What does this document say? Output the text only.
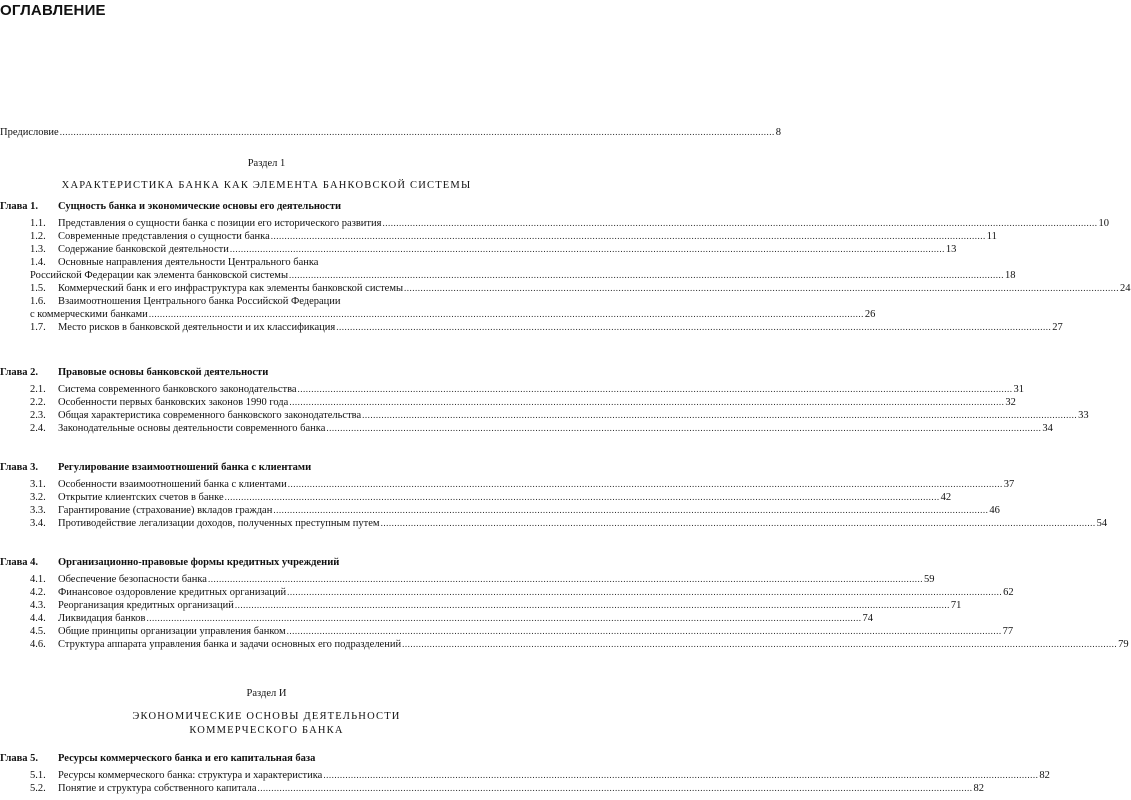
ОГЛАВЛЕНИЕ
Предисловие .....	8
Раздел 1
ХАРАКТЕРИСТИКА БАНКА КАК ЭЛЕМЕНТА БАНКОВСКОЙ СИСТЕМЫ
Глава 1. Сущность банка и экономические основы его деятельности
1.1.	Представления о сущности банка с позиции его исторического развития .....	10
1.2.	Современные представления о сущности банка .....	11
1.3.	Содержание банковской деятельности .....	13
1.4.	Основные направления деятельности Центрального банка
Российской Федерации как элемента банковской системы .....	18
1.5.	Коммерческий банк и его инфраструктура как элементы банковской системы .....	24
1.6.	Взаимоотношения Центрального банка Российской Федерации
с коммерческими банками .....	26
1.7.	Место рисков в банковской деятельности и их классификация .....	27
Глава 2. Правовые основы банковской деятельности
2.1.	Система современного банковского законодательства .....	31
2.2.	Особенности первых банковских законов 1990 года .....	32
2.3.	Общая характеристика современного банковского законодательства .....	33
2.4.	Законодательные основы деятельности современного банка .....	34
Глава 3. Регулирование взаимоотношений банка с клиентами
3.1.	Особенности взаимоотношений банка с клиентами .....	37
3.2.	Открытие клиентских счетов в банке .....	42
3.3.	Гарантирование (страхование) вкладов граждан .....	46
3.4.	Противодействие легализации доходов, полученных преступным путем .....	54
Глава 4. Организационно-правовые формы кредитных учреждений
4.1.	Обеспечение безопасности банка .....	59
4.2.	Финансовое оздоровление кредитных организаций .....	62
4.3.	Реорганизация кредитных организаций .....	71
4.4.	Ликвидация банков .....	74
4.5.	Общие принципы организации управления банком .....	77
4.6.	Структура аппарата управления банка и задачи основных его подразделений .....	79
Раздел И
ЭКОНОМИЧЕСКИЕ ОСНОВЫ ДЕЯТЕЛЬНОСТИ
КОММЕРЧЕСКОГО БАНКА
Глава 5. Ресурсы коммерческого банка и его капитальная база
5.1.	Ресурсы коммерческого банка: структура и характеристика .....	82
5.2.	Понятие и структура собственного капитала .....	82
